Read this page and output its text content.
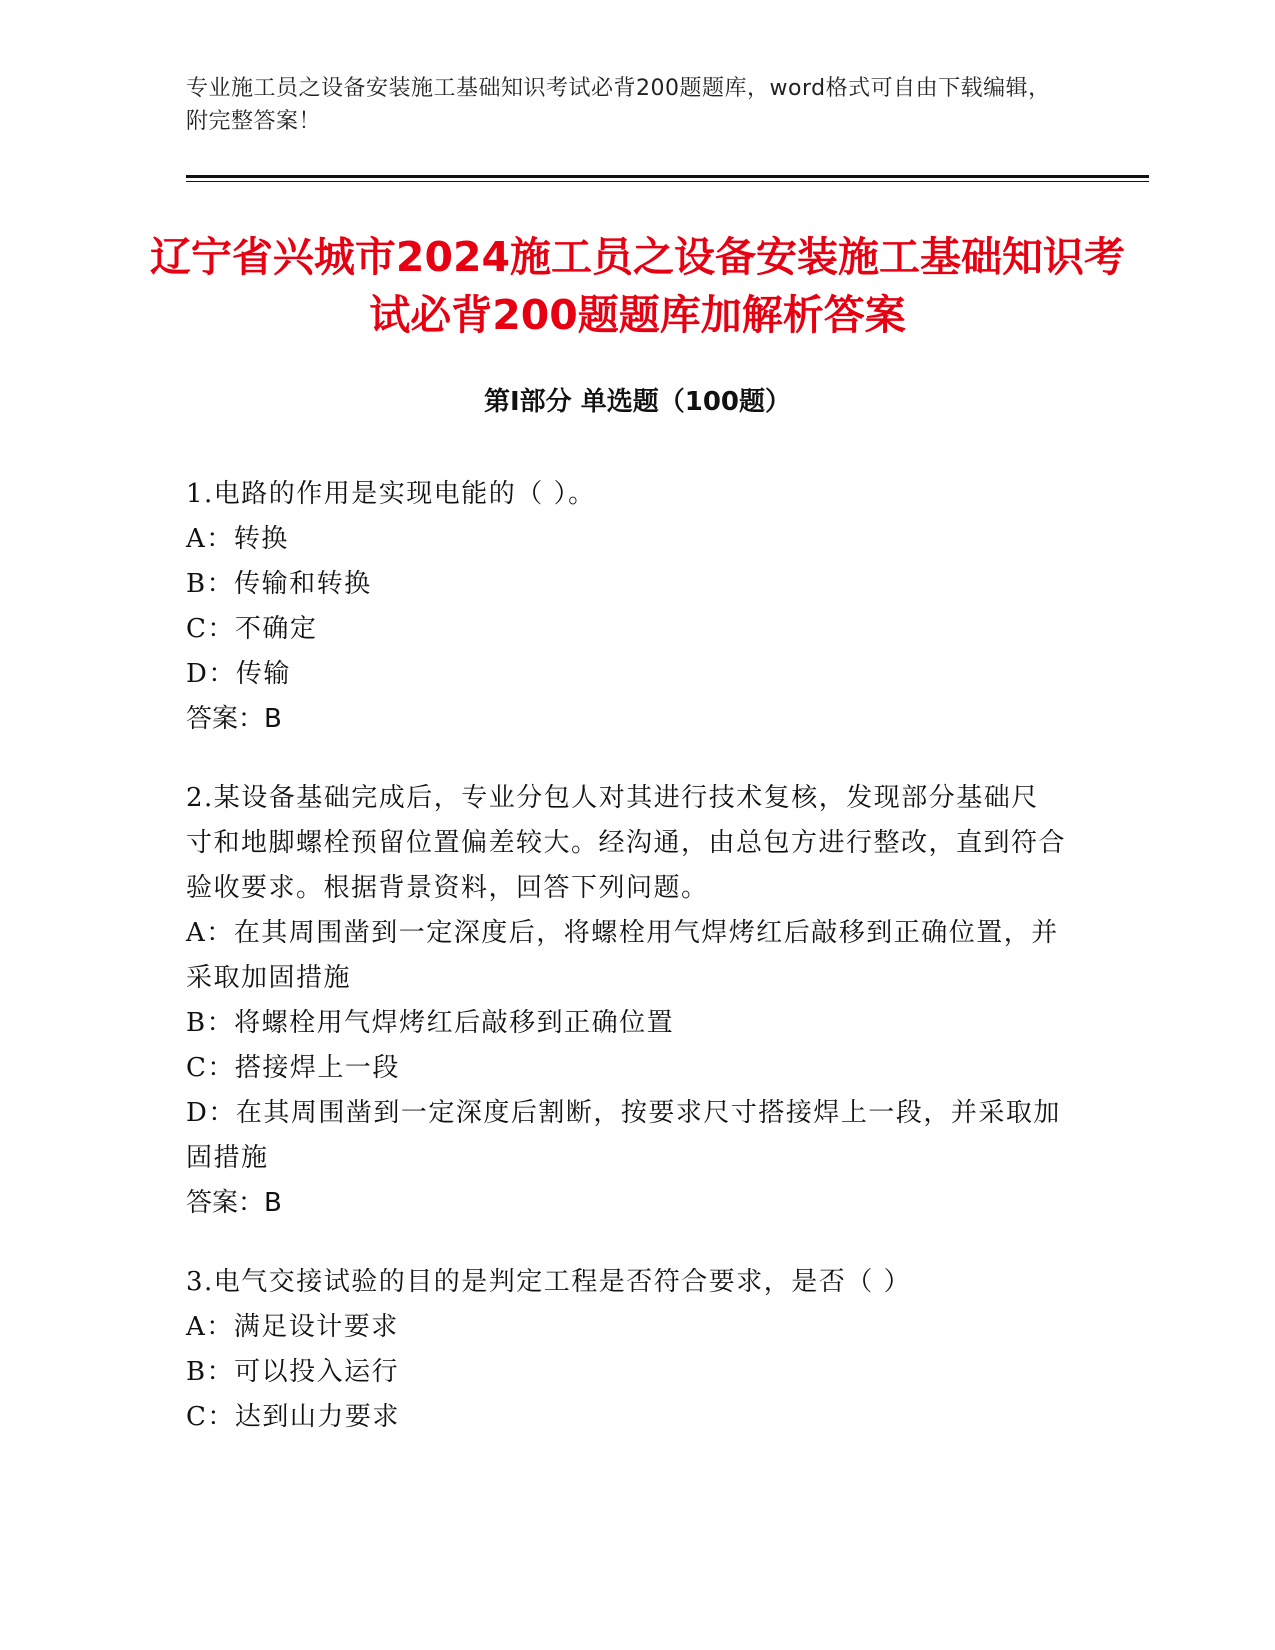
专业施工员之设备安装施工基础知识考试必背200题题库，word格式可自由下载编辑，附完整答案！
辽宁省兴城市2024施工员之设备安装施工基础知识考试必背200题题库加解析答案
第I部分 单选题（100题）
1.电路的作用是实现电能的（ ）。
A：转换
B：传输和转换
C：不确定
D：传输
答案：B
2.某设备基础完成后，专业分包人对其进行技术复核，发现部分基础尺寸和地脚螺栓预留位置偏差较大。经沟通，由总包方进行整改，直到符合验收要求。根据背景资料，回答下列问题。
A：在其周围凿到一定深度后，将螺栓用气焊烤红后敲移到正确位置，并采取加固措施
B：将螺栓用气焊烤红后敲移到正确位置
C：搭接焊上一段
D：在其周围凿到一定深度后割断，按要求尺寸搭接焊上一段，并采取加固措施
答案：B
3.电气交接试验的目的是判定工程是否符合要求，是否（ ）
A：满足设计要求
B：可以投入运行
C：达到山力要求
